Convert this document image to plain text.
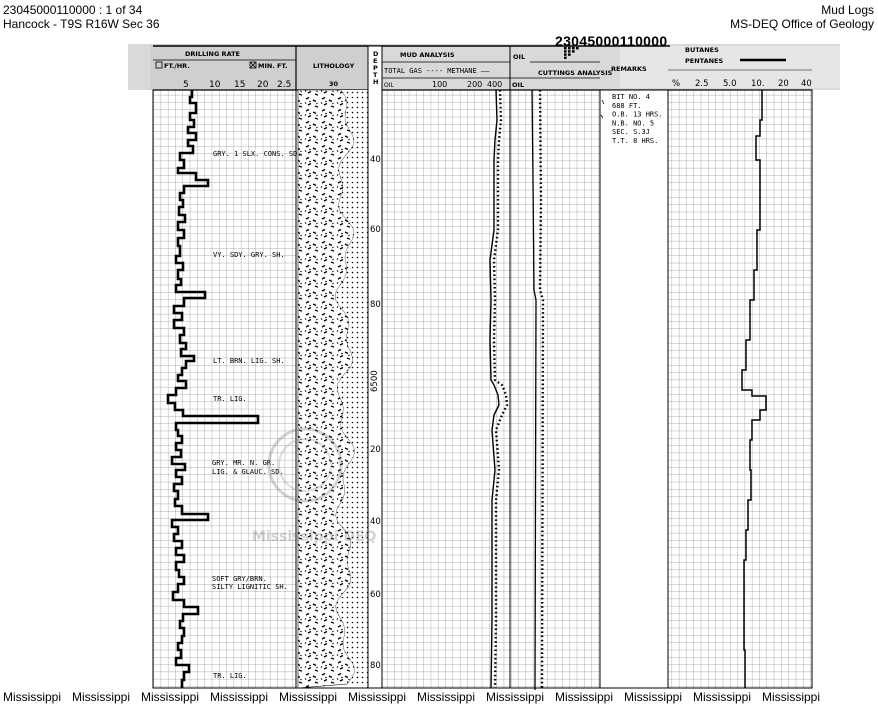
23045000110000 : 1 of 34
Hancock - T9S R16W Sec 36
Mud Logs
MS-DEQ Office of Geology
DRILLING RATE
FT./HR.	MIN. FT.
5 10 15 20 2.5
LITHOLOGY
30
D E P T H
40
60
80
6500
20
40
60
80
MUD ANALYSIS
TOTAL GAS ---- METHANE ——
OIL	100 200 400
OIL
CUTTINGS ANALYSIS
OIL
REMARKS
BIT NO. 4
688 FT.
O.B. 13 HRS.
N.B. NO. 5
SEC. S.3J
T.T. 8 HRS.
BUTANES
PENTANES
% 2.5 5.0 10. 20 40
GRY. 1 SLX. CONS. SD.
VY. SDY. GRY. SH.
LT. BRN. LIG. SH.
TR. LIG.
GRY. MR. N. GR. LIG. & GLAUC. SD.
SOFT GRY/BRN. SILTY LIGNITIC SH.
TR. LIG.
Mississippi DEQ
23045000110000
Mississippi Mississippi Mississippi Mississippi Mississippi Mississippi Mississippi Mississippi Mississippi Mississippi Mississippi Mississippi
